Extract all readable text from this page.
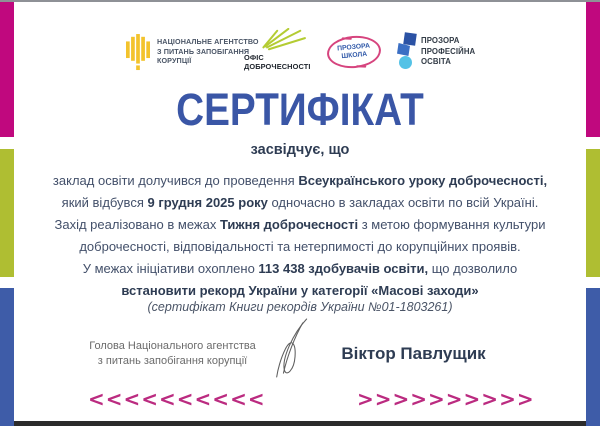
НАЦІОНАЛЬНЕ АГЕНТСТВО
З ПИТАНЬ ЗАПОБІГАННЯ
КОРУПЦІЇ	ОФІС
ДОБРОЧЕСНОСТІ
ПРОЗОРА
ШКОЛА
ПРОЗОРА
ПРОФЕСІЙНА
ОСВІТА
СЕРТИФІКАТ
засвідчує, що
заклад освіти долучився до проведення Всеукраїнського уроку доброчесності,
який відбувся 9 грудня 2025 року одночасно в закладах освіти по всій Україні.
Захід реалізовано в межах Тижня доброчесності з метою формування культури
доброчесності, відповідальності та нетерпимості до корупційних проявів.
У межах ініціативи охоплено 113 438 здобувачів освіти, що дозволило
встановити рекорд України у категорії «Масові заходи»
(сертифікат Книги рекордів України №01-1803261)
Голова Національного агентства
з питань запобігання корупції	Віктор Павлущик
<<<<<<<<<<	>>>>>>>>>>
